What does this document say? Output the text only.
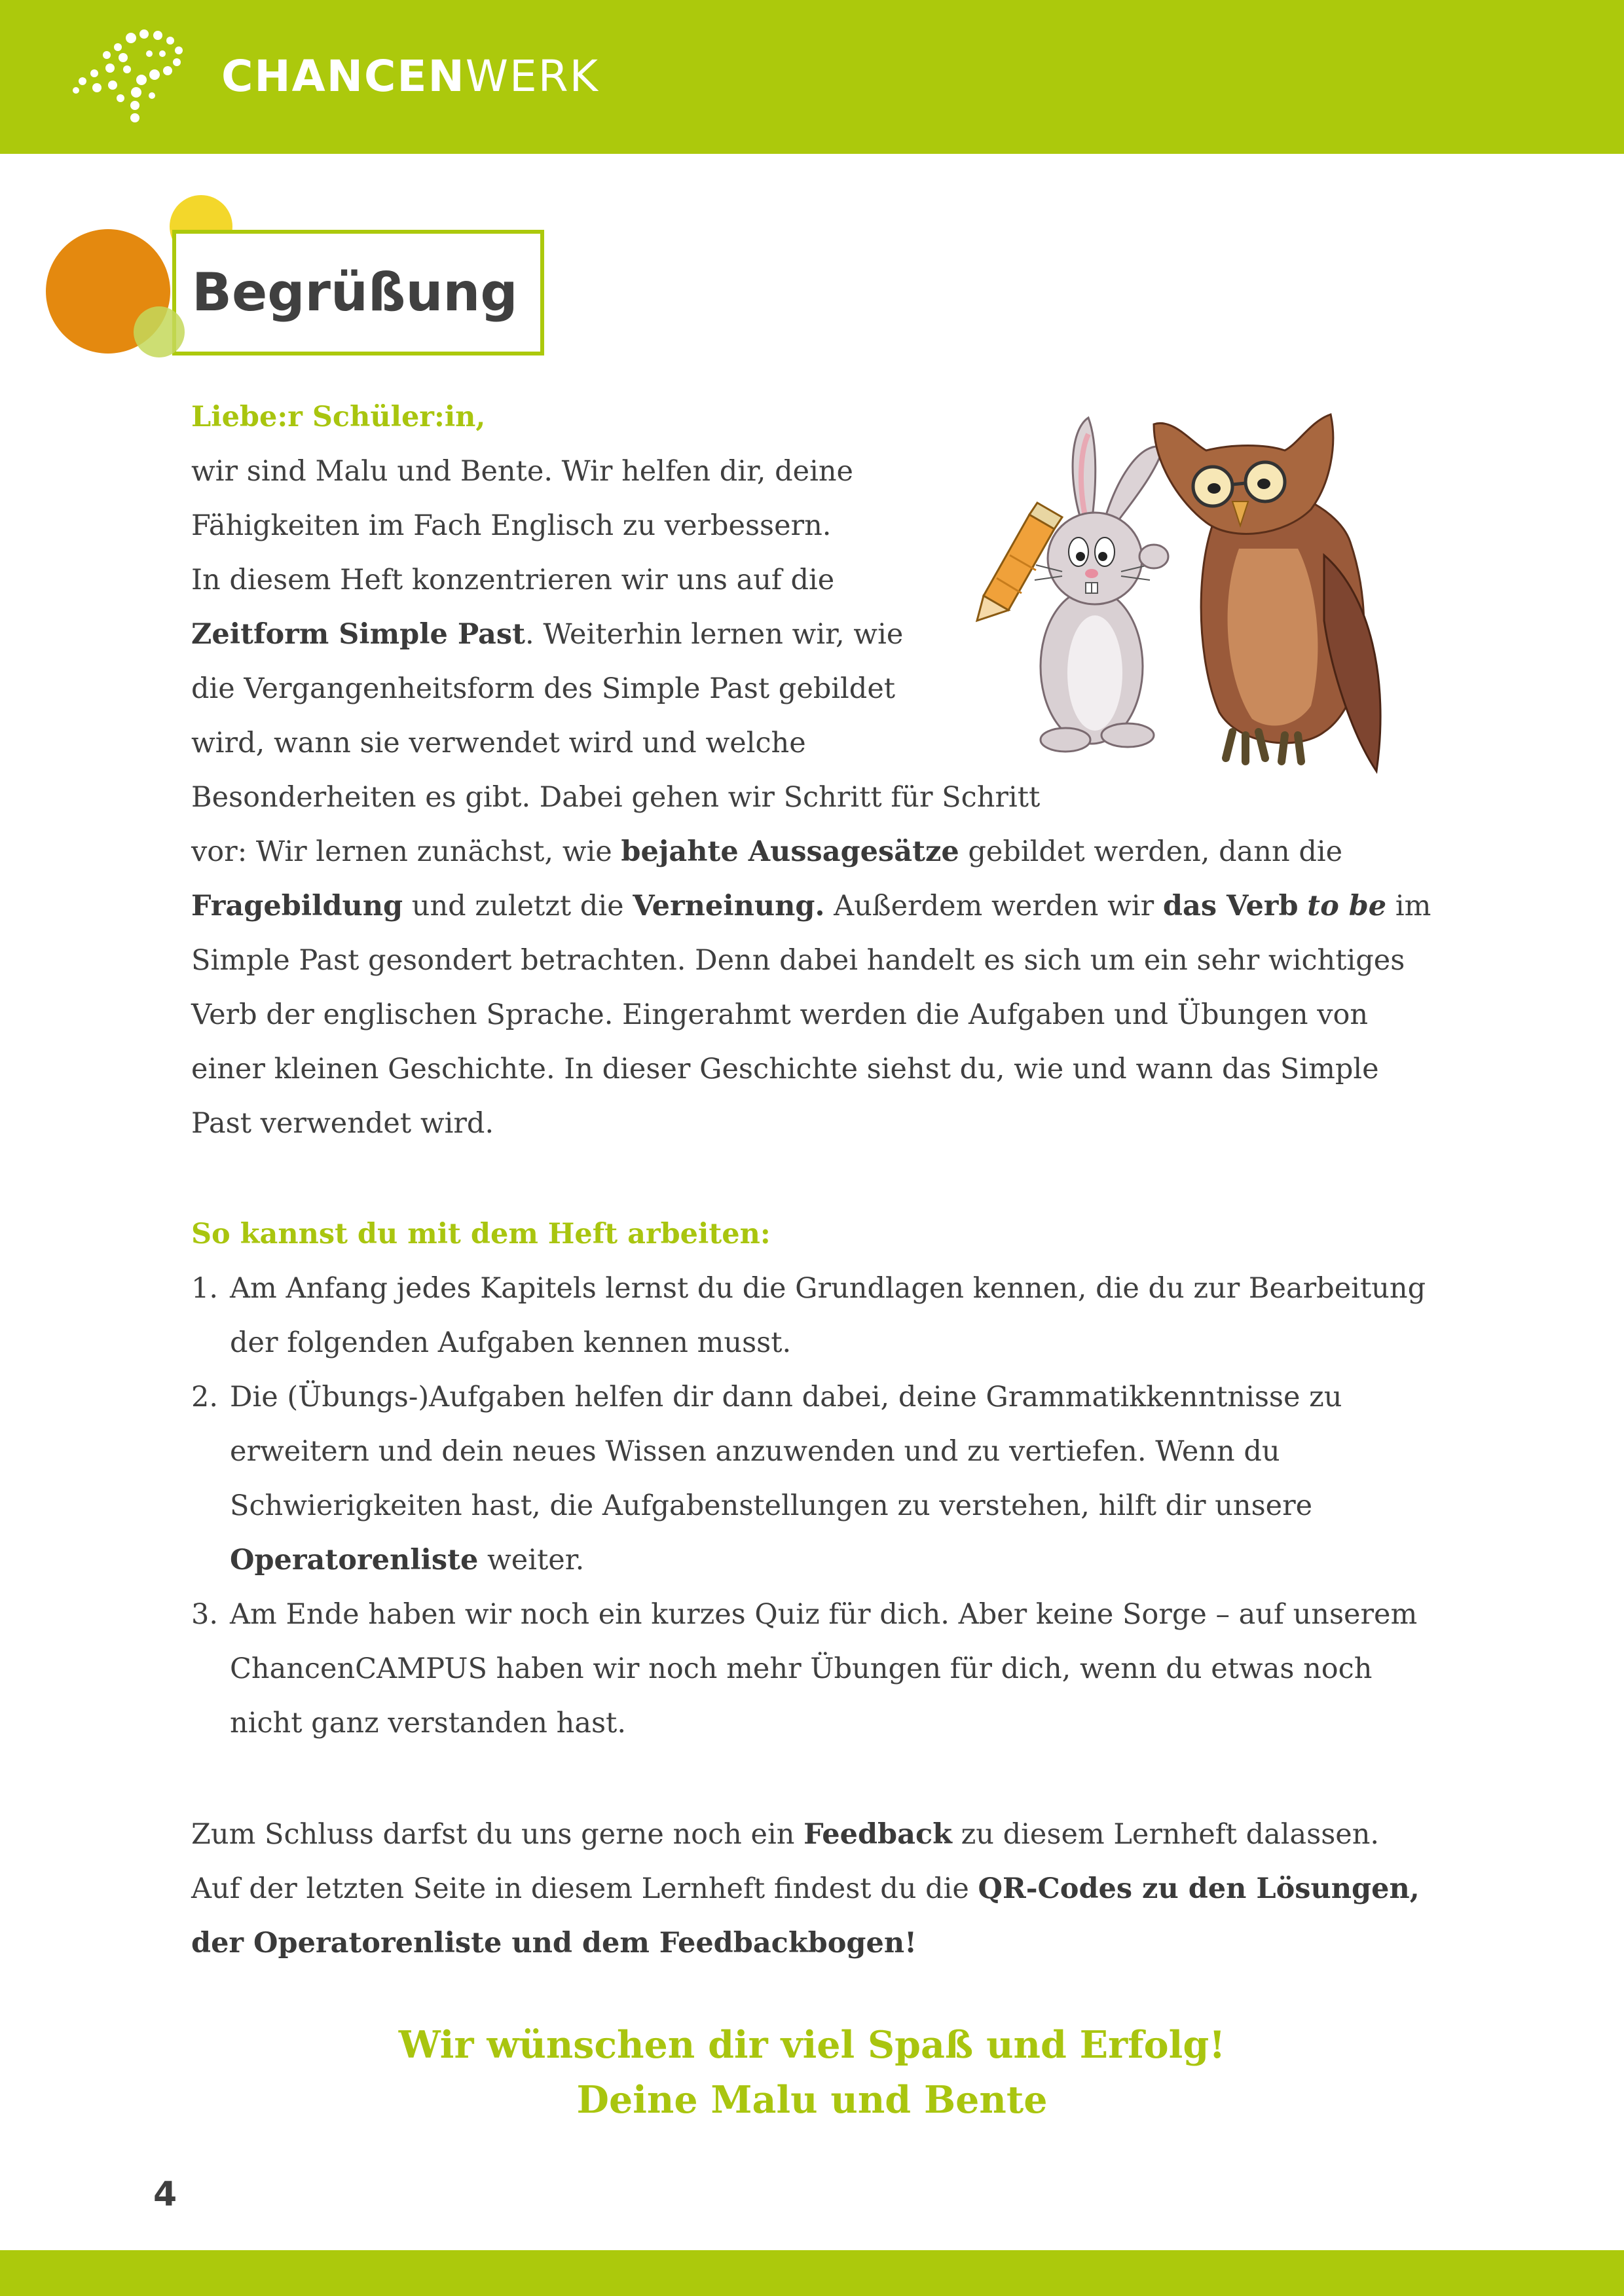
CHANCENWERK
Begrüßung
Liebe:r Schüler:in,
wir sind Malu und Bente. Wir helfen dir, deine
Fähigkeiten im Fach Englisch zu verbessern.
In diesem Heft konzentrieren wir uns auf die
Zeitform Simple Past. Weiterhin lernen wir, wie
die Vergangenheitsform des Simple Past gebildet
wird, wann sie verwendet wird und welche
Besonderheiten es gibt. Dabei gehen wir Schritt für Schritt
vor: Wir lernen zunächst, wie bejahte Aussagesätze gebildet werden, dann die Fragebildung und zuletzt die Verneinung. Außerdem werden wir das Verb to be im Simple Past gesondert betrachten. Denn dabei handelt es sich um ein sehr wichtiges Verb der englischen Sprache. Eingerahmt werden die Aufgaben und Übungen von einer kleinen Geschichte. In dieser Geschichte siehst du, wie und wann das Simple Past verwendet wird.
So kannst du mit dem Heft arbeiten:
1. Am Anfang jedes Kapitels lernst du die Grundlagen kennen, die du zur Bearbeitung der folgenden Aufgaben kennen musst.
2. Die (Übungs-)Aufgaben helfen dir dann dabei, deine Grammatikkenntnisse zu erweitern und dein neues Wissen anzuwenden und zu vertiefen. Wenn du Schwierigkeiten hast, die Aufgabenstellungen zu verstehen, hilft dir unsere Operatorenliste weiter.
3. Am Ende haben wir noch ein kurzes Quiz für dich. Aber keine Sorge – auf unserem ChancenCAMPUS haben wir noch mehr Übungen für dich, wenn du etwas noch nicht ganz verstanden hast.
Zum Schluss darfst du uns gerne noch ein Feedback zu diesem Lernheft dalassen. Auf der letzten Seite in diesem Lernheft findest du die QR-Codes zu den Lösungen, der Operatorenliste und dem Feedbackbogen!
Wir wünschen dir viel Spaß und Erfolg!
Deine Malu und Bente
4
